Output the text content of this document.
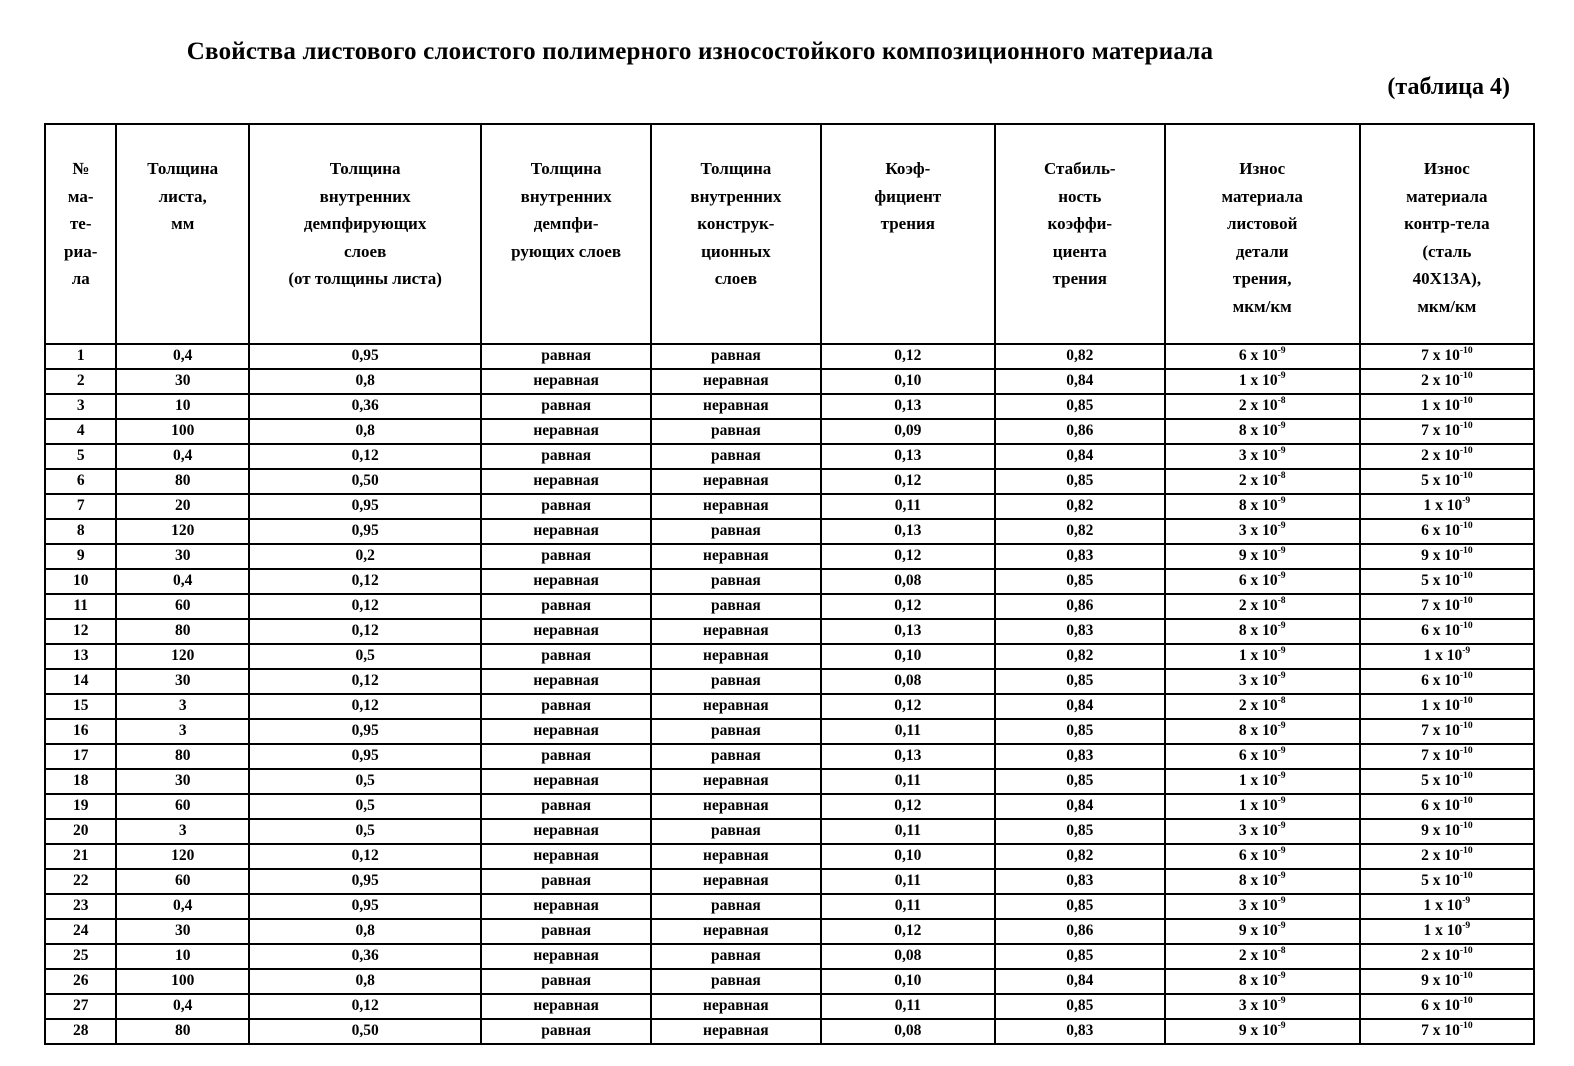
Свойства листового слоистого полимерного износостойкого композиционного материала
(таблица 4)
№
ма-
те-
риа-
ла	Толщина
листа,
мм	Толщина
внутренних
демпфирующих
слоев
(от толщины листа)	Толщина
внутренних
демпфи-
рующих слоев	Толщина
внутренних
конструк-
ционных
слоев	Коэф-
фициент
трения	Стабиль-
ность
коэффи-
циента
трения	Износ
материала
листовой
детали
трения,
мкм/км	Износ
материала
контр-тела
(сталь
40Х13А),
мкм/км
1	0,4	0,95	равная	равная	0,12	0,82	6 x $10^{-9}$	7 x $10^{-10}$
2	30	0,8	неравная	неравная	0,10	0,84	1 x $10^{-9}$	2 x $10^{-10}$
3	10	0,36	равная	неравная	0,13	0,85	2 x $10^{-8}$	1 x $10^{-10}$
4	100	0,8	неравная	равная	0,09	0,86	8 x $10^{-9}$	7 x $10^{-10}$
5	0,4	0,12	равная	равная	0,13	0,84	3 x $10^{-9}$	2 x $10^{-10}$
6	80	0,50	неравная	неравная	0,12	0,85	2 x $10^{-8}$	5 x $10^{-10}$
7	20	0,95	равная	неравная	0,11	0,82	8 x $10^{-9}$	1 x $10^{-9}$
8	120	0,95	неравная	равная	0,13	0,82	3 x $10^{-9}$	6 x $10^{-10}$
9	30	0,2	равная	неравная	0,12	0,83	9 x $10^{-9}$	9 x $10^{-10}$
10	0,4	0,12	неравная	равная	0,08	0,85	6 x $10^{-9}$	5 x $10^{-10}$
11	60	0,12	равная	равная	0,12	0,86	2 x $10^{-8}$	7 x $10^{-10}$
12	80	0,12	неравная	неравная	0,13	0,83	8 x $10^{-9}$	6 x $10^{-10}$
13	120	0,5	равная	неравная	0,10	0,82	1 x $10^{-9}$	1 x $10^{-9}$
14	30	0,12	неравная	равная	0,08	0,85	3 x $10^{-9}$	6 x $10^{-10}$
15	3	0,12	равная	неравная	0,12	0,84	2 x $10^{-8}$	1 x $10^{-10}$
16	3	0,95	неравная	равная	0,11	0,85	8 x $10^{-9}$	7 x $10^{-10}$
17	80	0,95	равная	равная	0,13	0,83	6 x $10^{-9}$	7 x $10^{-10}$
18	30	0,5	неравная	неравная	0,11	0,85	1 x $10^{-9}$	5 x $10^{-10}$
19	60	0,5	равная	неравная	0,12	0,84	1 x $10^{-9}$	6 x $10^{-10}$
20	3	0,5	неравная	равная	0,11	0,85	3 x $10^{-9}$	9 x $10^{-10}$
21	120	0,12	неравная	неравная	0,10	0,82	6 x $10^{-9}$	2 x $10^{-10}$
22	60	0,95	равная	неравная	0,11	0,83	8 x $10^{-9}$	5 x $10^{-10}$
23	0,4	0,95	неравная	равная	0,11	0,85	3 x $10^{-9}$	1 x $10^{-9}$
24	30	0,8	равная	неравная	0,12	0,86	9 x $10^{-9}$	1 x $10^{-9}$
25	10	0,36	неравная	равная	0,08	0,85	2 x $10^{-8}$	2 x $10^{-10}$
26	100	0,8	равная	равная	0,10	0,84	8 x $10^{-9}$	9 x $10^{-10}$
27	0,4	0,12	неравная	неравная	0,11	0,85	3 x $10^{-9}$	6 x $10^{-10}$
28	80	0,50	равная	неравная	0,08	0,83	9 x $10^{-9}$	7 x $10^{-10}$
